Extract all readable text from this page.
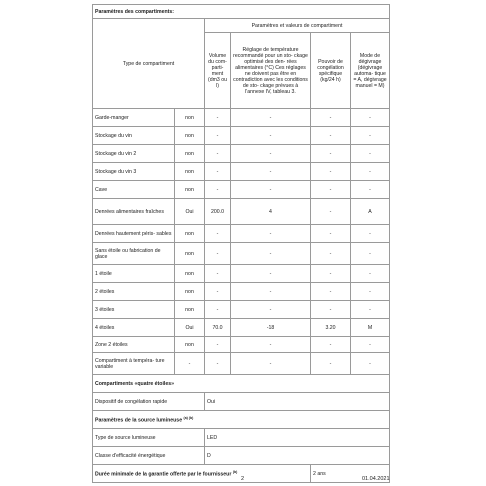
Paramètres des compartiments:					
Type de compartiment		Paramètres et valeurs de compartiment			
		Volume du com- parti- ment (dm3 ou l)	Réglage de température recommandé pour un sto- ckage optimisé des den- rées alimentaires (°C) Ces réglages ne doivent pas être en contradiction avec les conditions de sto- ckage prévues à l'annexe IV, tableau 3.	Pouvoir de congélation spécifique (kg/24 h)	Mode de dégivrage (dégivrage automa- tique = A, dégivrage manuel = M)
Garde-manger	non	-	-	-	-
Stockage du vin	non	-	-	-	-
Stockage du vin 2	non	-	-	-	-
Stockage du vin 3	non	-	-	-	-
Cave	non	-	-	-	-
Denrées alimentaires fraîches	Oui	200.0	4	-	A
Denrées hautement péris- sables	non	-	-	-	-
Sans étoile ou fabrication de glace	non	-	-	-	-
1 étoile	non	-	-	-	-
2 étoiles	non	-	-	-	-
3 étoiles	non	-	-	-	-
4 étoiles	Oui	70.0	-18	3.20	M
Zone 2 étoiles	non	-	-	-	-
Compartiment à tempéra- ture variable	-	-	-	-	-
Compartiments «quatre étoiles»					
Dispositif de congélation rapide		Oui			
Paramètres de la source lumineuse $^{(a) (b)}$
Type de source lumineuse		LED			
Classe d'efficacité énergétique		D			
Durée minimale de la garantie offerte par le fournisseur $^{(b)}$				2 ans	
2	01.04.2021
